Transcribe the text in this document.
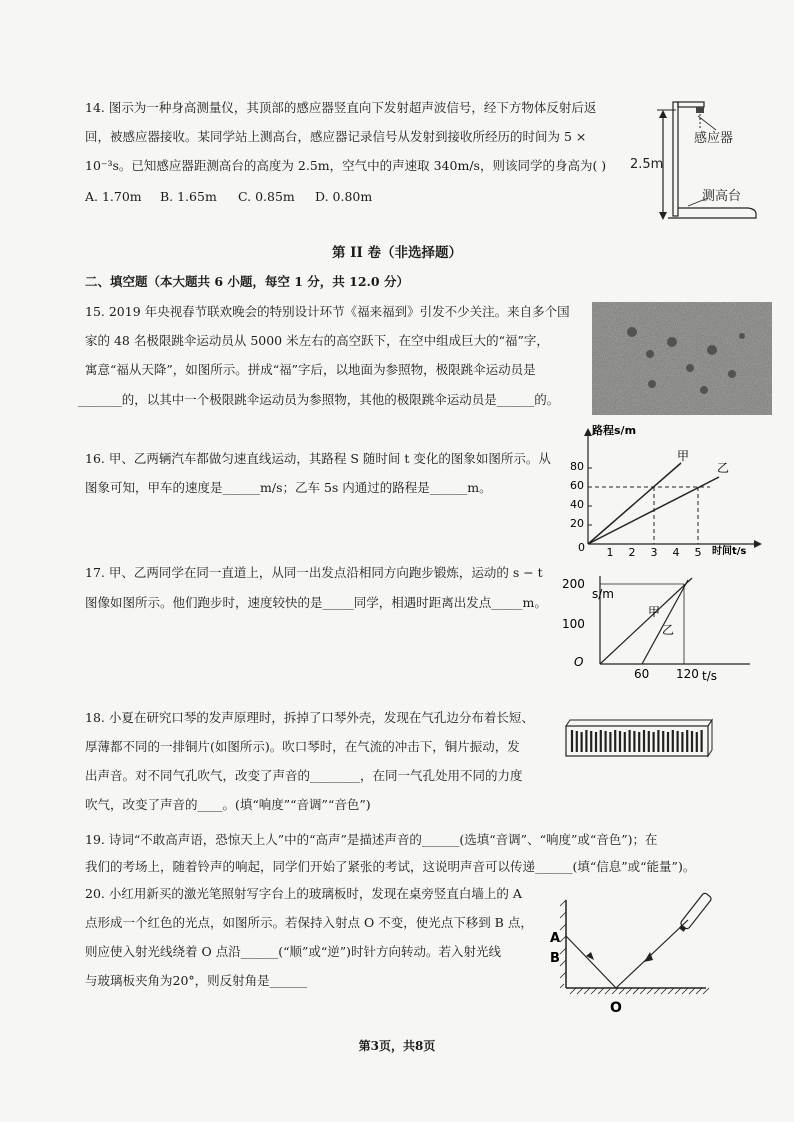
14. 图示为一种身高测量仪，其顶部的感应器竖直向下发射超声波信号，经下方物体反射后返
回，被感应器接收。某同学站上测高台，感应器记录信号从发射到接收所经历的时间为 5 ×
10⁻³s。已知感应器距测高台的高度为 2.5m，空气中的声速取 340m/s，则该同学的身高为( )
A. 1.70m B. 1.65m C. 0.85m D. 0.80m
感应器
2.5m
测高台
第 II 卷（非选择题）
二、填空题（本大题共 6 小题，每空 1 分，共 12.0 分）
15. 2019 年央视春节联欢晚会的特别设计环节《福来福到》引发不少关注。来自多个国
家的 48 名极限跳伞运动员从 5000 米左右的高空跃下，在空中组成巨大的“福”字，
寓意“福从天降”，如图所示。拼成“福”字后，以地面为参照物，极限跳伞运动员是
_______的，以其中一个极限跳伞运动员为参照物，其他的极限跳伞运动员是______的。
16. 甲、乙两辆汽车都做匀速直线运动，其路程 S 随时间 t 变化的图象如图所示。从
图象可知，甲车的速度是______m/s；乙车 5s 内通过的路程是______m。
路程s/m
时间t/s
0
20
40
60
80
1 2 3 4 5
甲
乙
17. 甲、乙两同学在同一直道上，从同一出发点沿相同方向跑步锻炼，运动的 s − t
图像如图所示。他们跑步时，速度较快的是_____同学，相遇时距离出发点_____m。
s/m
t/s
O
100
200
60 120
甲
乙
18. 小夏在研究口琴的发声原理时，拆掉了口琴外壳，发现在气孔边分布着长短、
厚薄都不同的一排铜片(如图所示)。吹口琴时，在气流的冲击下，铜片振动，发
出声音。对不同气孔吹气，改变了声音的________，在同一气孔处用不同的力度
吹气，改变了声音的____。(填“响度”“音调”“音色”)
19. 诗词“不敢高声语，恐惊天上人”中的“高声”是描述声音的______(选填“音调”、“响度”或“音色”)；在
我们的考场上，随着铃声的响起，同学们开始了紧张的考试，这说明声音可以传递______(填“信息”或“能量”)。
20. 小红用新买的激光笔照射写字台上的玻璃板时，发现在桌旁竖直白墙上的 A
点形成一个红色的光点，如图所示。若保持入射点 O 不变，使光点下移到 B 点，
则应使入射光线绕着 O 点沿______(“顺”或“逆”)时针方向转动。若入射光线
与玻璃板夹角为20°，则反射角是______
A
B
O
第3页，共8页
